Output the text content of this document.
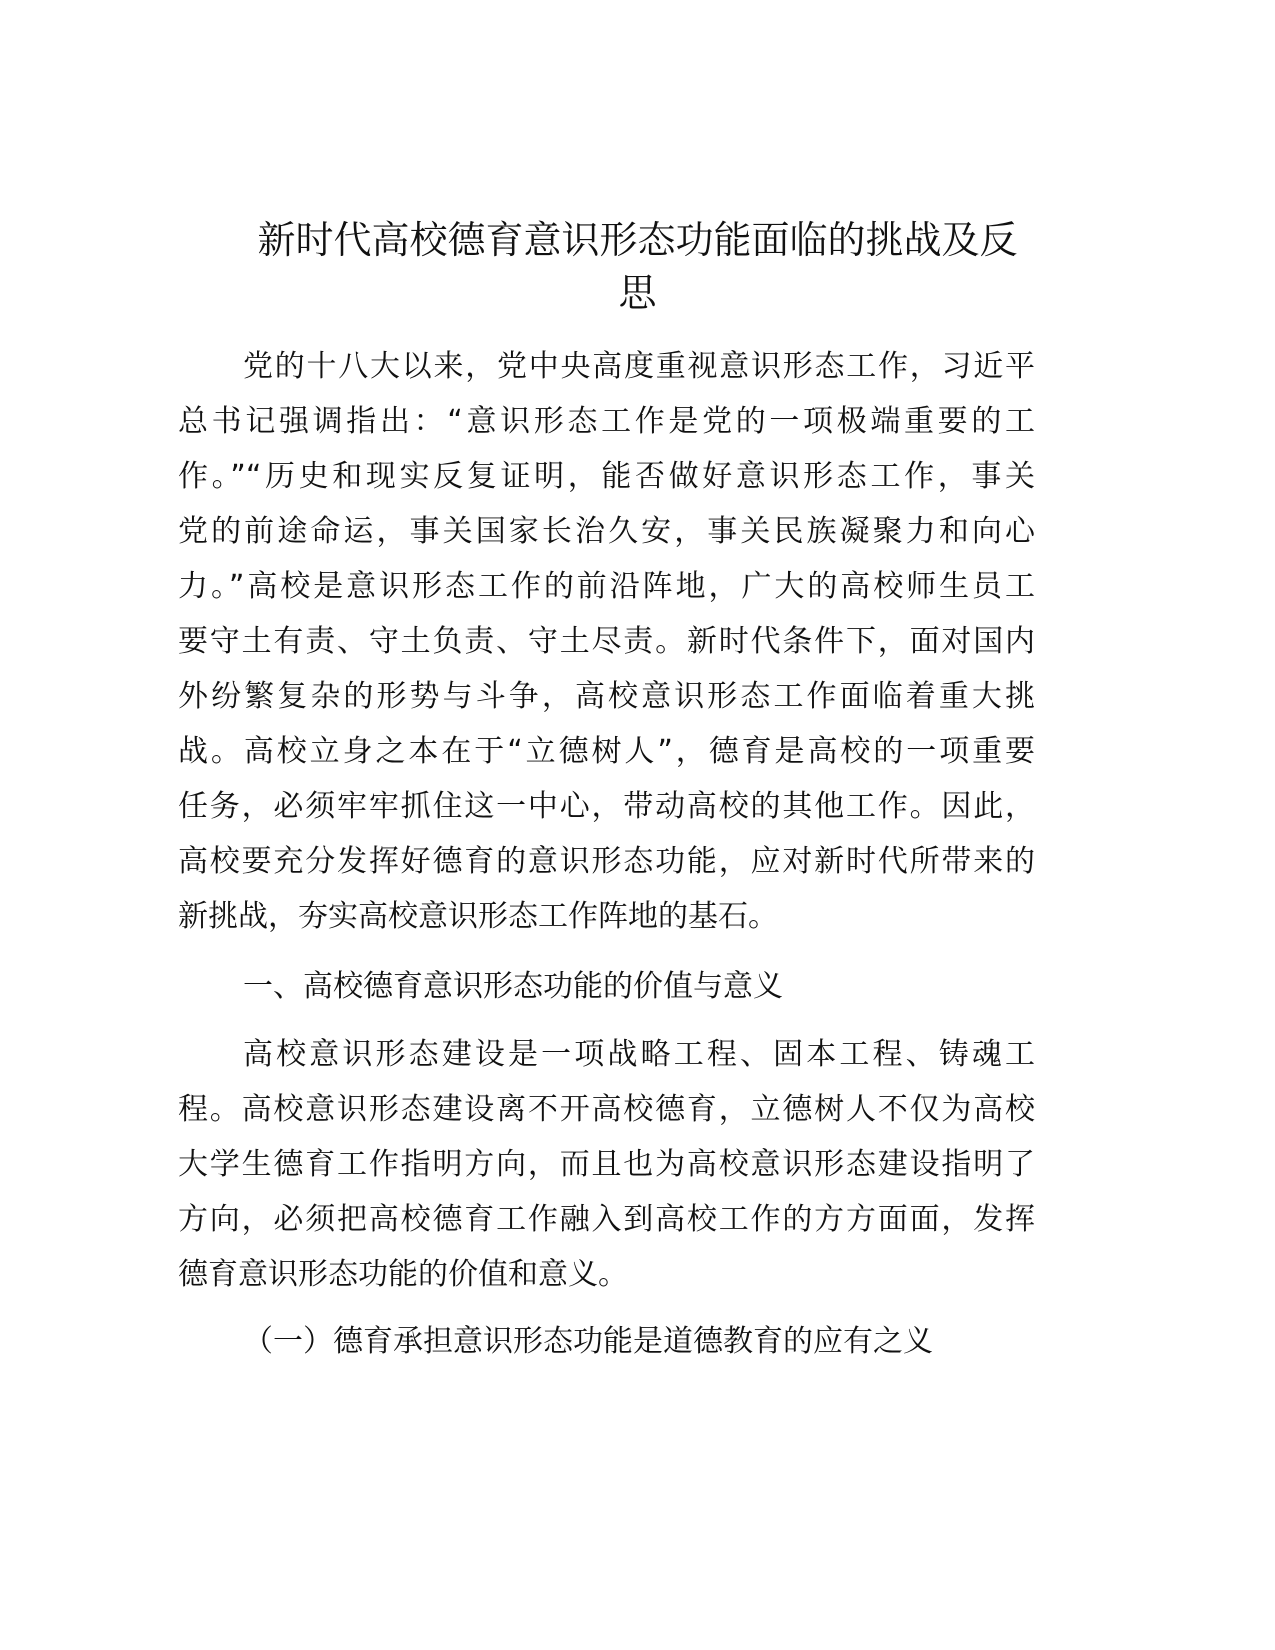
新时代高校德育意识形态功能面临的挑战及反
思
党的十八大以来，党中央高度重视意识形态工作，习近平
总书记强调指出：“意识形态工作是党的一项极端重要的工
作。”“历史和现实反复证明，能否做好意识形态工作，事关
党的前途命运，事关国家长治久安，事关民族凝聚力和向心
力。”高校是意识形态工作的前沿阵地，广大的高校师生员工
要守土有责、守土负责、守土尽责。新时代条件下，面对国内
外纷繁复杂的形势与斗争，高校意识形态工作面临着重大挑
战。高校立身之本在于“立德树人”，德育是高校的一项重要
任务，必须牢牢抓住这一中心，带动高校的其他工作。因此，
高校要充分发挥好德育的意识形态功能，应对新时代所带来的
新挑战，夯实高校意识形态工作阵地的基石。
一、高校德育意识形态功能的价值与意义
高校意识形态建设是一项战略工程、固本工程、铸魂工
程。高校意识形态建设离不开高校德育，立德树人不仅为高校
大学生德育工作指明方向，而且也为高校意识形态建设指明了
方向，必须把高校德育工作融入到高校工作的方方面面，发挥
德育意识形态功能的价值和意义。
（一）德育承担意识形态功能是道德教育的应有之义
